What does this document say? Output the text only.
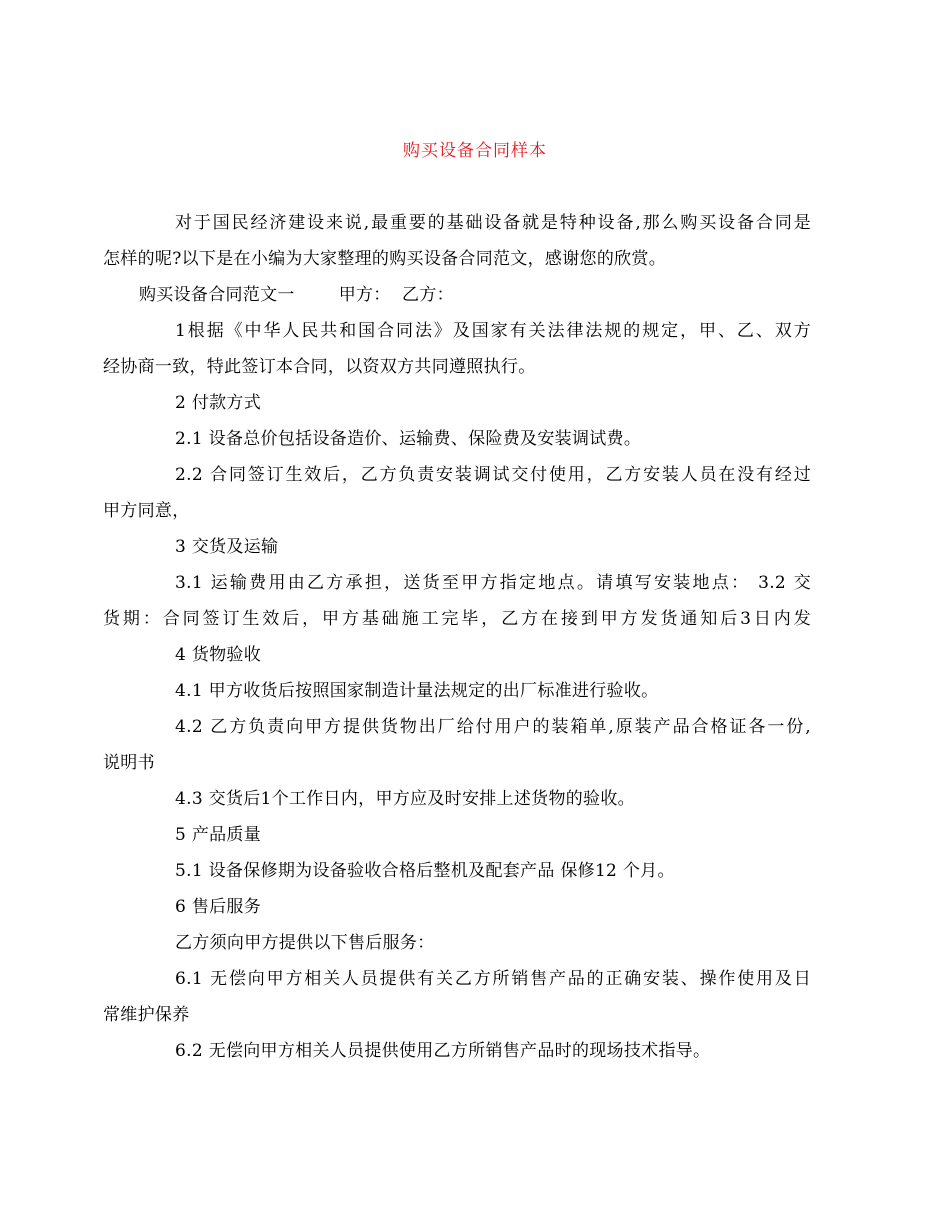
购买设备合同样本

对于国民经济建设来说,最重要的基础设备就是特种设备,那么购买设备合同是
怎样的呢?以下是在小编为大家整理的购买设备合同范文，感谢您的欣赏。

购买设备合同范文一	甲方： 乙方：

1根据《中华人民共和国合同法》及国家有关法律法规的规定，甲、乙、双方
经协商一致，特此签订本合同，以资双方共同遵照执行。

2 付款方式

2.1 设备总价包括设备造价、运输费、保险费及安装调试费。

2.2 合同签订生效后，乙方负责安装调试交付使用，乙方安装人员在没有经过
甲方同意，

3 交货及运输

3.1 运输费用由乙方承担，送货至甲方指定地点。请填写安装地点： 3.2 交
货期：合同签订生效后，甲方基础施工完毕，乙方在接到甲方发货通知后3日内发

4 货物验收

4.1 甲方收货后按照国家制造计量法规定的出厂标准进行验收。

4.2 乙方负责向甲方提供货物出厂给付用户的装箱单,原装产品合格证各一份,
说明书

4.3 交货后1个工作日内，甲方应及时安排上述货物的验收。

5 产品质量

5.1 设备保修期为设备验收合格后整机及配套产品 保修12 个月。

6 售后服务

乙方须向甲方提供以下售后服务：

6.1 无偿向甲方相关人员提供有关乙方所销售产品的正确安装、操作使用及日
常维护保养

6.2 无偿向甲方相关人员提供使用乙方所销售产品时的现场技术指导。
